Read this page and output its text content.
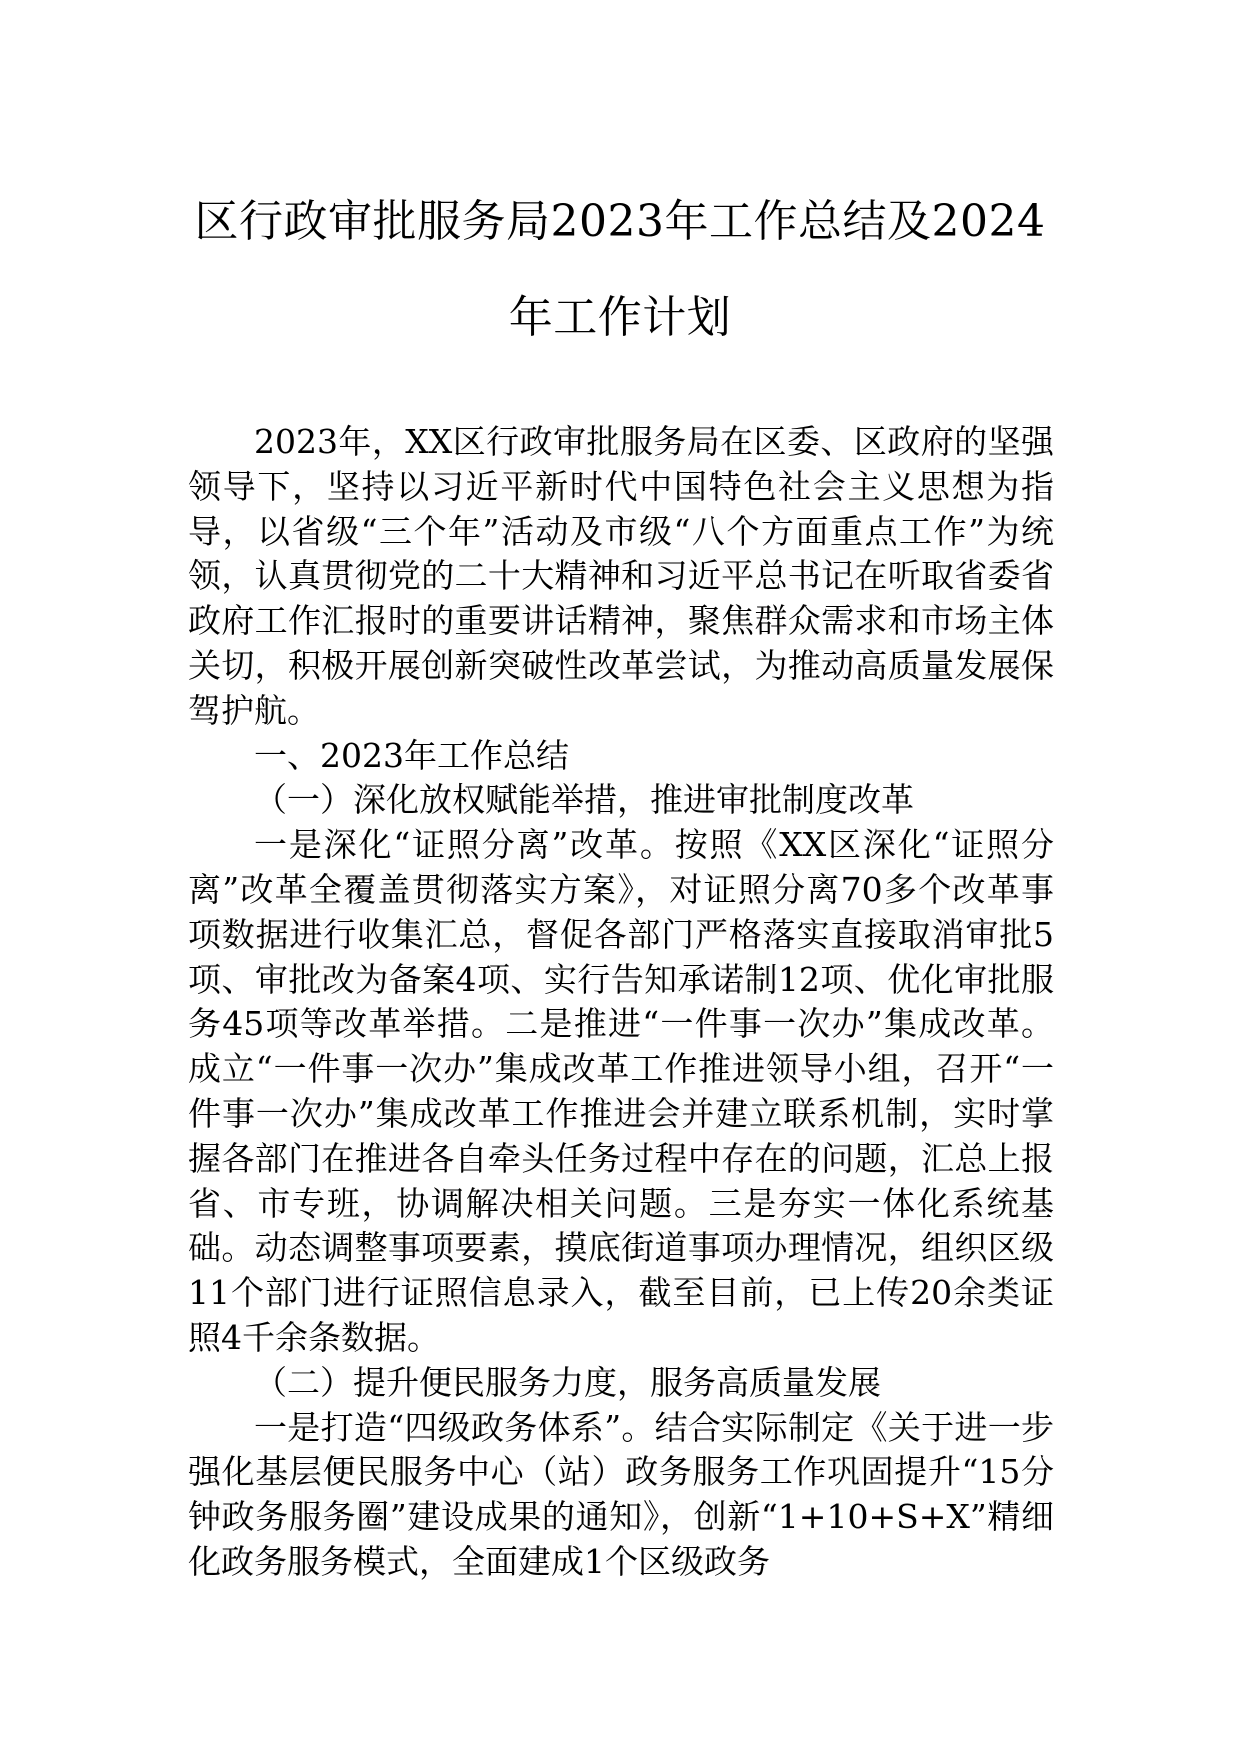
区行政审批服务局2023年工作总结及2024
年工作计划

2023年，XX区行政审批服务局在区委、区政府的坚强领导下，坚持以习近平新时代中国特色社会主义思想为指导，以省级“三个年”活动及市级“八个方面重点工作”为统领，认真贯彻党的二十大精神和习近平总书记在听取省委省政府工作汇报时的重要讲话精神，聚焦群众需求和市场主体关切，积极开展创新突破性改革尝试，为推动高质量发展保驾护航。

一、2023年工作总结

（一）深化放权赋能举措，推进审批制度改革

一是深化“证照分离”改革。按照《XX区深化“证照分离”改革全覆盖贯彻落实方案》，对证照分离70多个改革事项数据进行收集汇总，督促各部门严格落实直接取消审批5项、审批改为备案4项、实行告知承诺制12项、优化审批服务45项等改革举措。二是推进“一件事一次办”集成改革。成立“一件事一次办”集成改革工作推进领导小组，召开“一件事一次办”集成改革工作推进会并建立联系机制，实时掌握各部门在推进各自牵头任务过程中存在的问题，汇总上报省、市专班，协调解决相关问题。三是夯实一体化系统基础。动态调整事项要素，摸底街道事项办理情况，组织区级11个部门进行证照信息录入，截至目前，已上传20余类证照4千余条数据。

（二）提升便民服务力度，服务高质量发展

一是打造“四级政务体系”。结合实际制定《关于进一步强化基层便民服务中心（站）政务服务工作巩固提升“15分钟政务服务圈”建设成果的通知》，创新“1+10+S+X”精细化政务服务模式，全面建成1个区级政务
